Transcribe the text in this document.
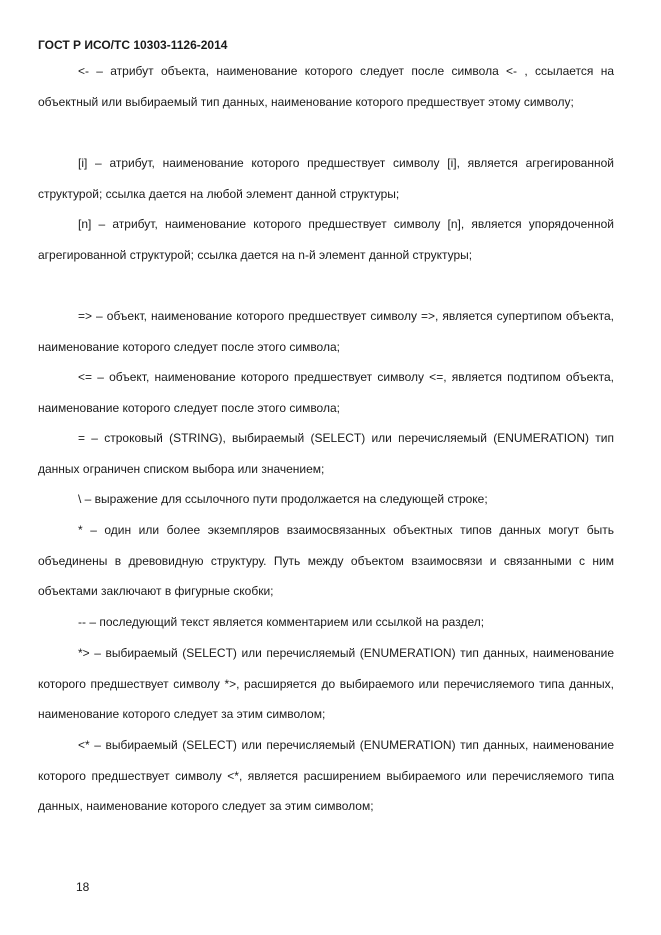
ГОСТ Р ИСО/ТС 10303-1126-2014

<- – атрибут объекта, наименование которого следует после символа <- , ссылается на объектный или выбираемый тип данных, наименование которого предшествует этому символу;

[i] – атрибут, наименование которого предшествует символу [i], является агрегированной структурой; ссылка дается на любой элемент данной структуры;

[n] – атрибут, наименование которого предшествует символу [n], является упорядоченной агрегированной структурой; ссылка дается на n-й элемент данной структуры;

=> – объект, наименование которого предшествует символу =>, является супертипом объекта, наименование которого следует после этого символа;

<= – объект, наименование которого предшествует символу <=, является подтипом объекта, наименование которого следует после этого символа;

= – строковый (STRING), выбираемый (SELECT) или перечисляемый (ENUMERATION) тип данных ограничен списком выбора или значением;

\ – выражение для ссылочного пути продолжается на следующей строке;

* – один или более экземпляров взаимосвязанных объектных типов данных могут быть объединены в древовидную структуру. Путь между объектом взаимосвязи и связанными с ним объектами заключают в фигурные скобки;

-- – последующий текст является комментарием или ссылкой на раздел;

*> – выбираемый (SELECT) или перечисляемый (ENUMERATION) тип данных, наименование которого предшествует символу *>, расширяется до выбираемого или перечисляемого типа данных, наименование которого следует за этим символом;

<* – выбираемый (SELECT) или перечисляемый (ENUMERATION) тип данных, наименование которого предшествует символу <*, является расширением выбираемого или перечисляемого типа данных, наименование которого следует за этим символом;

18
